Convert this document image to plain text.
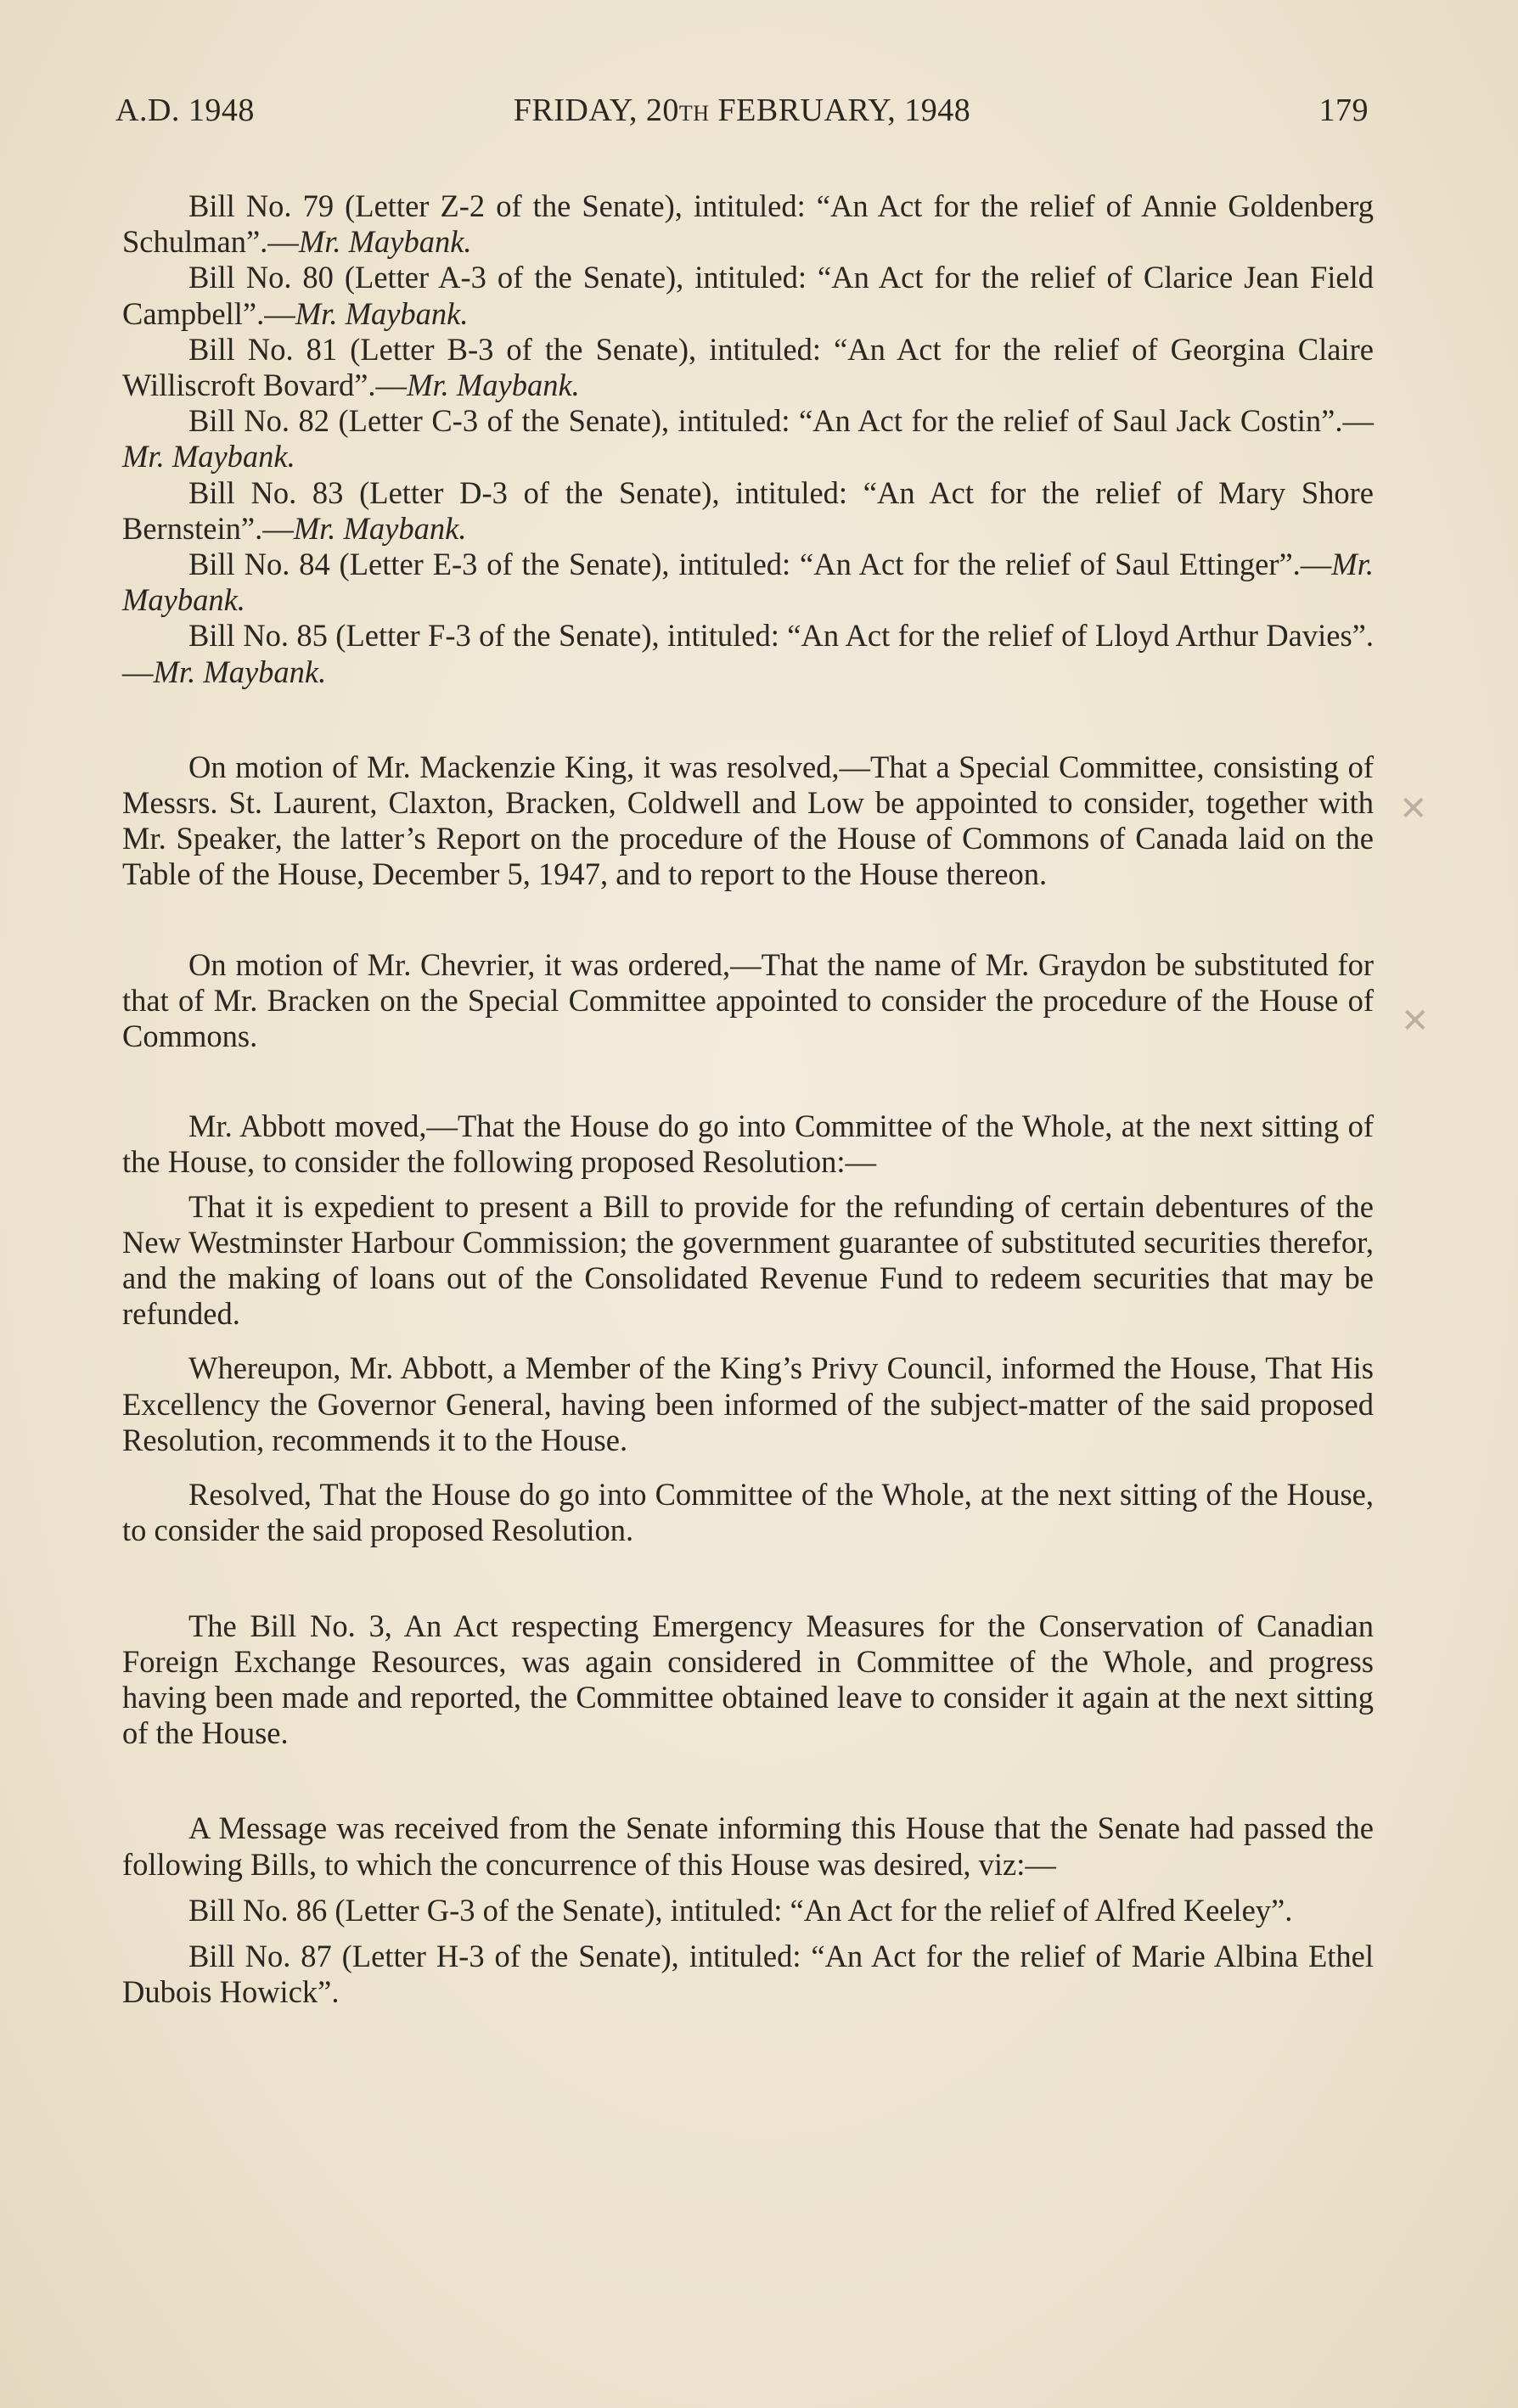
A.D. 1948	FRIDAY, 20TH FEBRUARY, 1948	179

Bill No. 79 (Letter Z-2 of the Senate), intituled: “An Act for the relief of Annie Goldenberg Schulman”.—Mr. Maybank.

Bill No. 80 (Letter A-3 of the Senate), intituled: “An Act for the relief of Clarice Jean Field Campbell”.—Mr. Maybank.

Bill No. 81 (Letter B-3 of the Senate), intituled: “An Act for the relief of Georgina Claire Williscroft Bovard”.—Mr. Maybank.

Bill No. 82 (Letter C-3 of the Senate), intituled: “An Act for the relief of Saul Jack Costin”.—Mr. Maybank.

Bill No. 83 (Letter D-3 of the Senate), intituled: “An Act for the relief of Mary Shore Bernstein”.—Mr. Maybank.

Bill No. 84 (Letter E-3 of the Senate), intituled: “An Act for the relief of Saul Ettinger”.—Mr. Maybank.

Bill No. 85 (Letter F-3 of the Senate), intituled: “An Act for the relief of Lloyd Arthur Davies”.—Mr. Maybank.

On motion of Mr. Mackenzie King, it was resolved,—That a Special Committee, consisting of Messrs. St. Laurent, Claxton, Bracken, Coldwell and Low be appointed to consider, together with Mr. Speaker, the latter’s Report on the procedure of the House of Commons of Canada laid on the Table of the House, December 5, 1947, and to report to the House thereon.

On motion of Mr. Chevrier, it was ordered,—That the name of Mr. Graydon be substituted for that of Mr. Bracken on the Special Committee appointed to consider the procedure of the House of Commons.

Mr. Abbott moved,—That the House do go into Committee of the Whole, at the next sitting of the House, to consider the following proposed Resolution:—

That it is expedient to present a Bill to provide for the refunding of certain debentures of the New Westminster Harbour Commission; the government guarantee of substituted securities therefor, and the making of loans out of the Consolidated Revenue Fund to redeem securities that may be refunded.

Whereupon, Mr. Abbott, a Member of the King’s Privy Council, informed the House, That His Excellency the Governor General, having been informed of the subject-matter of the said proposed Resolution, recommends it to the House.

Resolved, That the House do go into Committee of the Whole, at the next sitting of the House, to consider the said proposed Resolution.

The Bill No. 3, An Act respecting Emergency Measures for the Conservation of Canadian Foreign Exchange Resources, was again considered in Committee of the Whole, and progress having been made and reported, the Committee obtained leave to consider it again at the next sitting of the House.

A Message was received from the Senate informing this House that the Senate had passed the following Bills, to which the concurrence of this House was desired, viz:—

Bill No. 86 (Letter G-3 of the Senate), intituled: “An Act for the relief of Alfred Keeley”.

Bill No. 87 (Letter H-3 of the Senate), intituled: “An Act for the relief of Marie Albina Ethel Dubois Howick”.

✕
✕
